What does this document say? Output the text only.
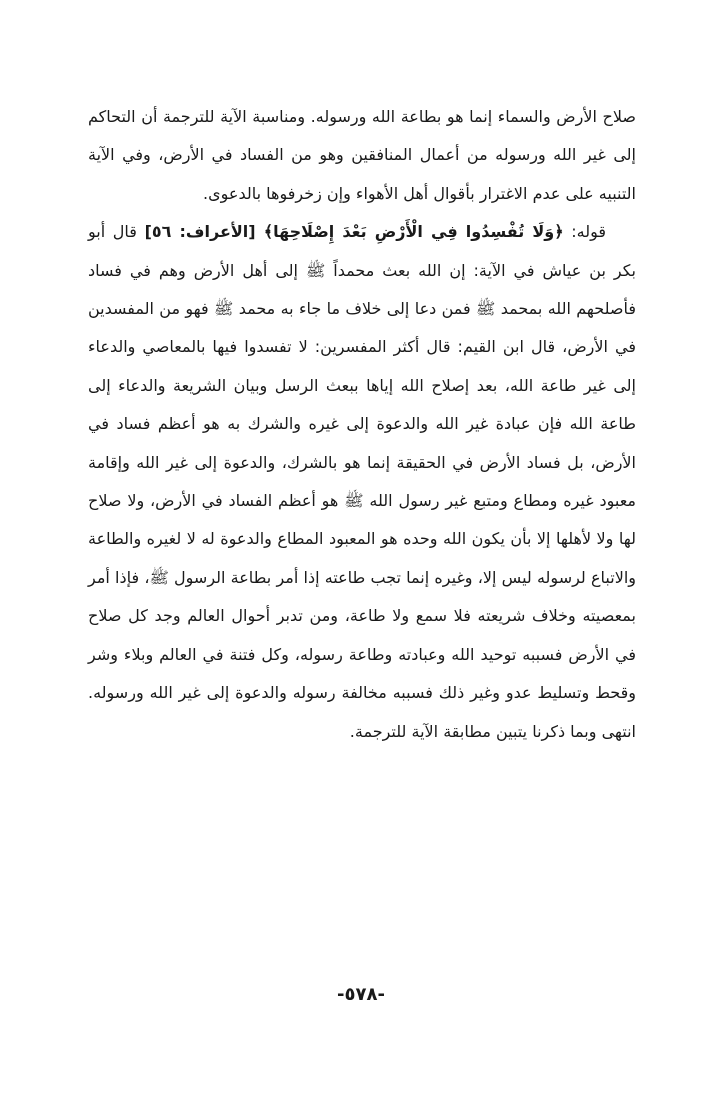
صلاح الأرض والسماء إنما هو بطاعة الله ورسوله. ومناسبة الآية للترجمة أن التحاكم إلى غير الله ورسوله من أعمال المنافقين وهو من الفساد في الأرض، وفي الآية التنبيه على عدم الاغترار بأقوال أهل الأهواء وإن زخرفوها بالدعوى.

قوله: ﴿وَلَا تُفْسِدُوا فِي الْأَرْضِ بَعْدَ إِصْلَاحِهَا﴾ [الأعراف: ٥٦] قال أبو بكر بن عياش في الآية: إن الله بعث محمداً ﷺ إلى أهل الأرض وهم في فساد فأصلحهم الله بمحمد ﷺ فمن دعا إلى خلاف ما جاء به محمد ﷺ فهو من المفسدين في الأرض، قال ابن القيم: قال أكثر المفسرين: لا تفسدوا فيها بالمعاصي والدعاء إلى غير طاعة الله، بعد إصلاح الله إياها ببعث الرسل وبيان الشريعة والدعاء إلى طاعة الله فإن عبادة غير الله والدعوة إلى غيره والشرك به هو أعظم فساد في الأرض، بل فساد الأرض في الحقيقة إنما هو بالشرك، والدعوة إلى غير الله وإقامة معبود غيره ومطاع ومتبع غير رسول الله ﷺ هو أعظم الفساد في الأرض، ولا صلاح لها ولا لأهلها إلا بأن يكون الله وحده هو المعبود المطاع والدعوة له لا لغيره والطاعة والاتباع لرسوله ليس إلا، وغيره إنما تجب طاعته إذا أمر بطاعة الرسول ﷺ، فإذا أمر بمعصيته وخلاف شريعته فلا سمع ولا طاعة، ومن تدبر أحوال العالم وجد كل صلاح في الأرض فسببه توحيد الله وعبادته وطاعة رسوله، وكل فتنة في العالم وبلاء وشر وقحط وتسليط عدو وغير ذلك فسببه مخالفة رسوله والدعوة إلى غير الله ورسوله. انتهى وبما ذكرنا يتبين مطابقة الآية للترجمة.

-٥٧٨-
